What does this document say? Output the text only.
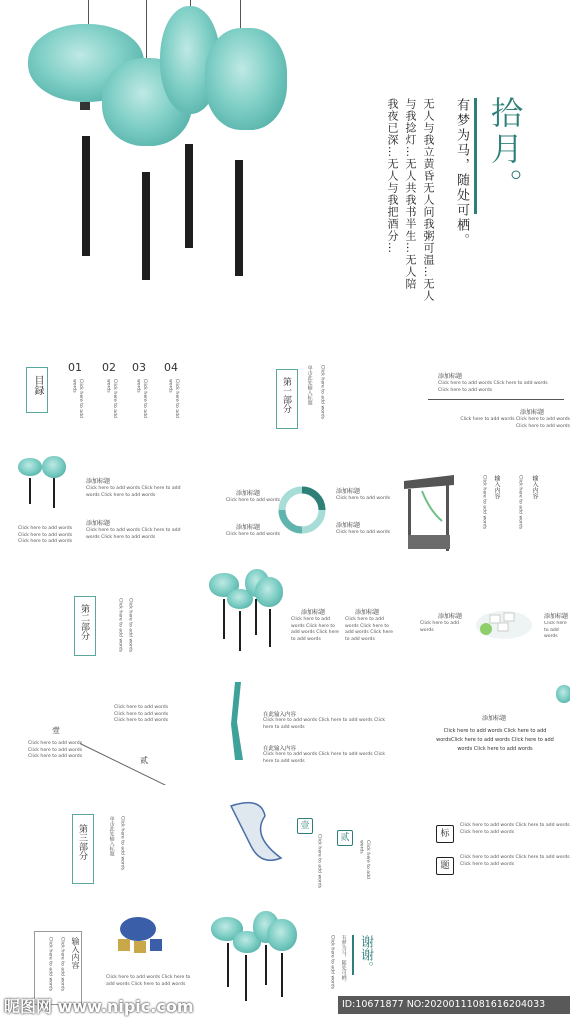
拾月。
有梦为马，随处可栖。
无人与我立黄昏无人问我粥可温…无人
与我捻灯…无人共我书半生…无人陪
我夜已深…无人与我把酒分…
目録
01 02 03 04
Click here to add words	Click here to add words	Click here to add words	Click here to add words	第一部分	单击此处输入标题	Click here to add words	添加标题
Click here to add words Click here to add words Click here to add words
添加标题
Click here to add words Click here to add words Click here to add words
Click here to add words Click here to add words Click here to add words
添加标题
Click here to add words Click here to add words Click here to add words
添加标题
Click here to add words Click here to add words Click here to add words
添加标题
Click here to add words
添加标题
Click here to add words
添加标题
Click here to add words
添加标题
Click here to add words
Click here to add words 输入内容	Click here to add words 输入内容
第二部分	Click here to add words	Click here to add words	添加标题
Click here to add words Click here to add words Click here to add words
添加标题
Click here to add words Click here to add words Click here to add words
添加标题
Click here to add words
添加标题
Click here to add words
Click here to add words Click here to add words Click here to add words
壹
Click here to add words Click here to add words Click here to add words	贰
在此输入内容
Click here to add words Click here to add words Click here to add words
在此输入内容
Click here to add words Click here to add words Click here to add words
添加标题
Click here to add words Click here to add wordsClick here to add words Click here to add words Click here to add words
第三部分	单击此处输入标题	Click here to add words	壹
Click here to add words	贰
Click here to add words
标
Click here to add words Click here to add words Click here to add words
题
Click here to add words Click here to add words Click here to add words
输入内容
Click here to add words
Click here to add words	Click here to add words Click here to add words Click here to add words	Click here to add words 有梦为马，随处可栖。 谢谢。
昵图网 www.nipic.com	ID:10671877 NO:20200111081616204033
